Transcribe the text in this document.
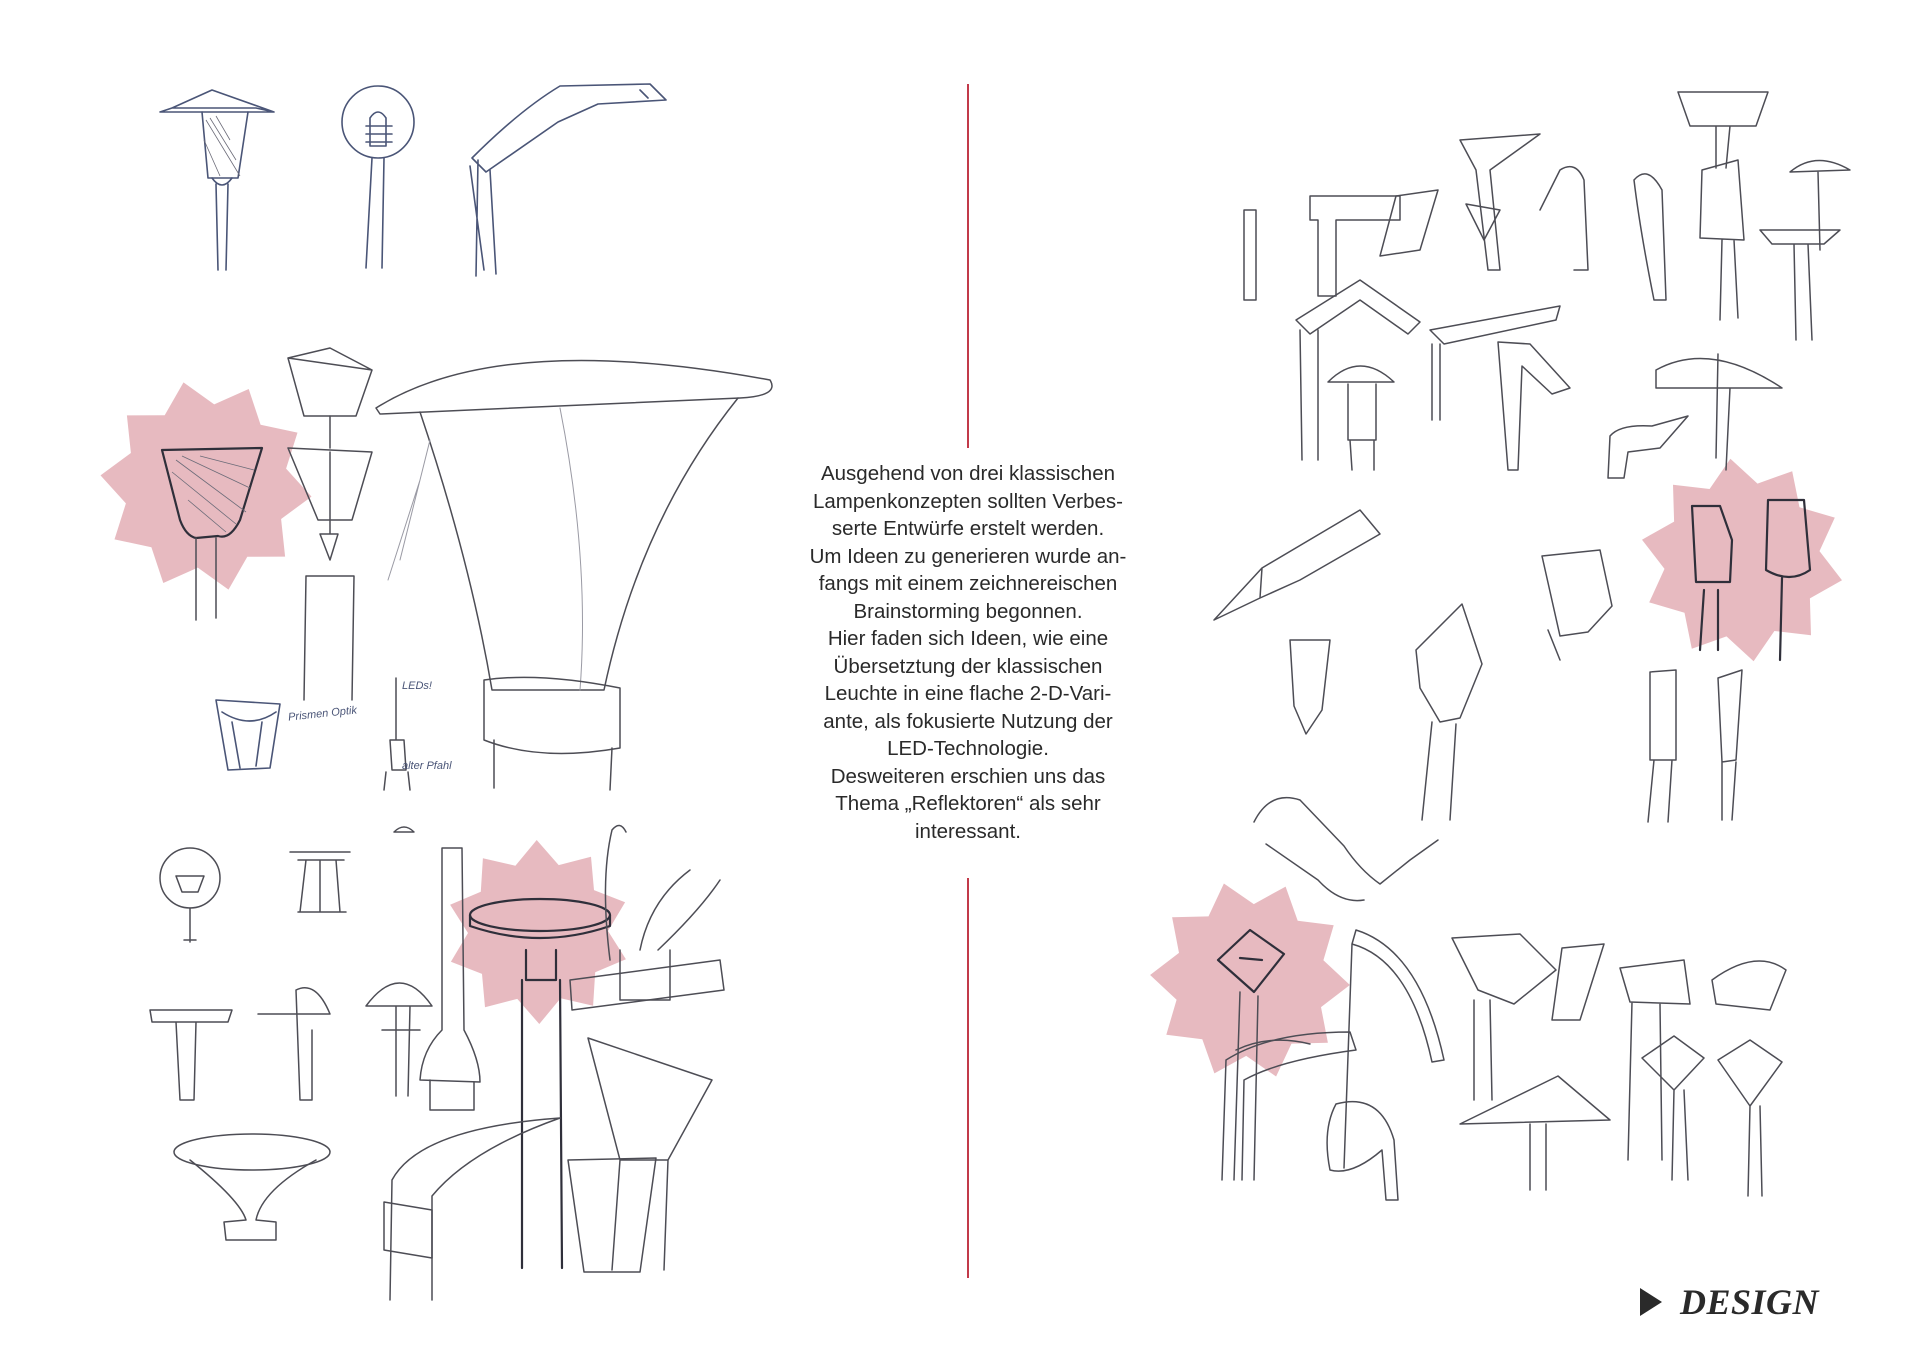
Prismen Optik
LEDs!
alter Pfahl

Ausgehend von drei klassischen

Lampenkonzepten sollten Verbes-

serte Entwürfe erstelt werden.

Um Ideen zu generieren wurde an-

fangs mit einem zeichnereischen

Brainstorming begonnen.

Hier faden sich Ideen, wie eine

Übersetztung der klassischen

Leuchte in eine flache 2-D-Vari-

ante, als fokusierte Nutzung der

LED-Technologie.

Desweiteren erschien uns das

Thema „Reflektoren“ als sehr

interessant.

DESIGN
